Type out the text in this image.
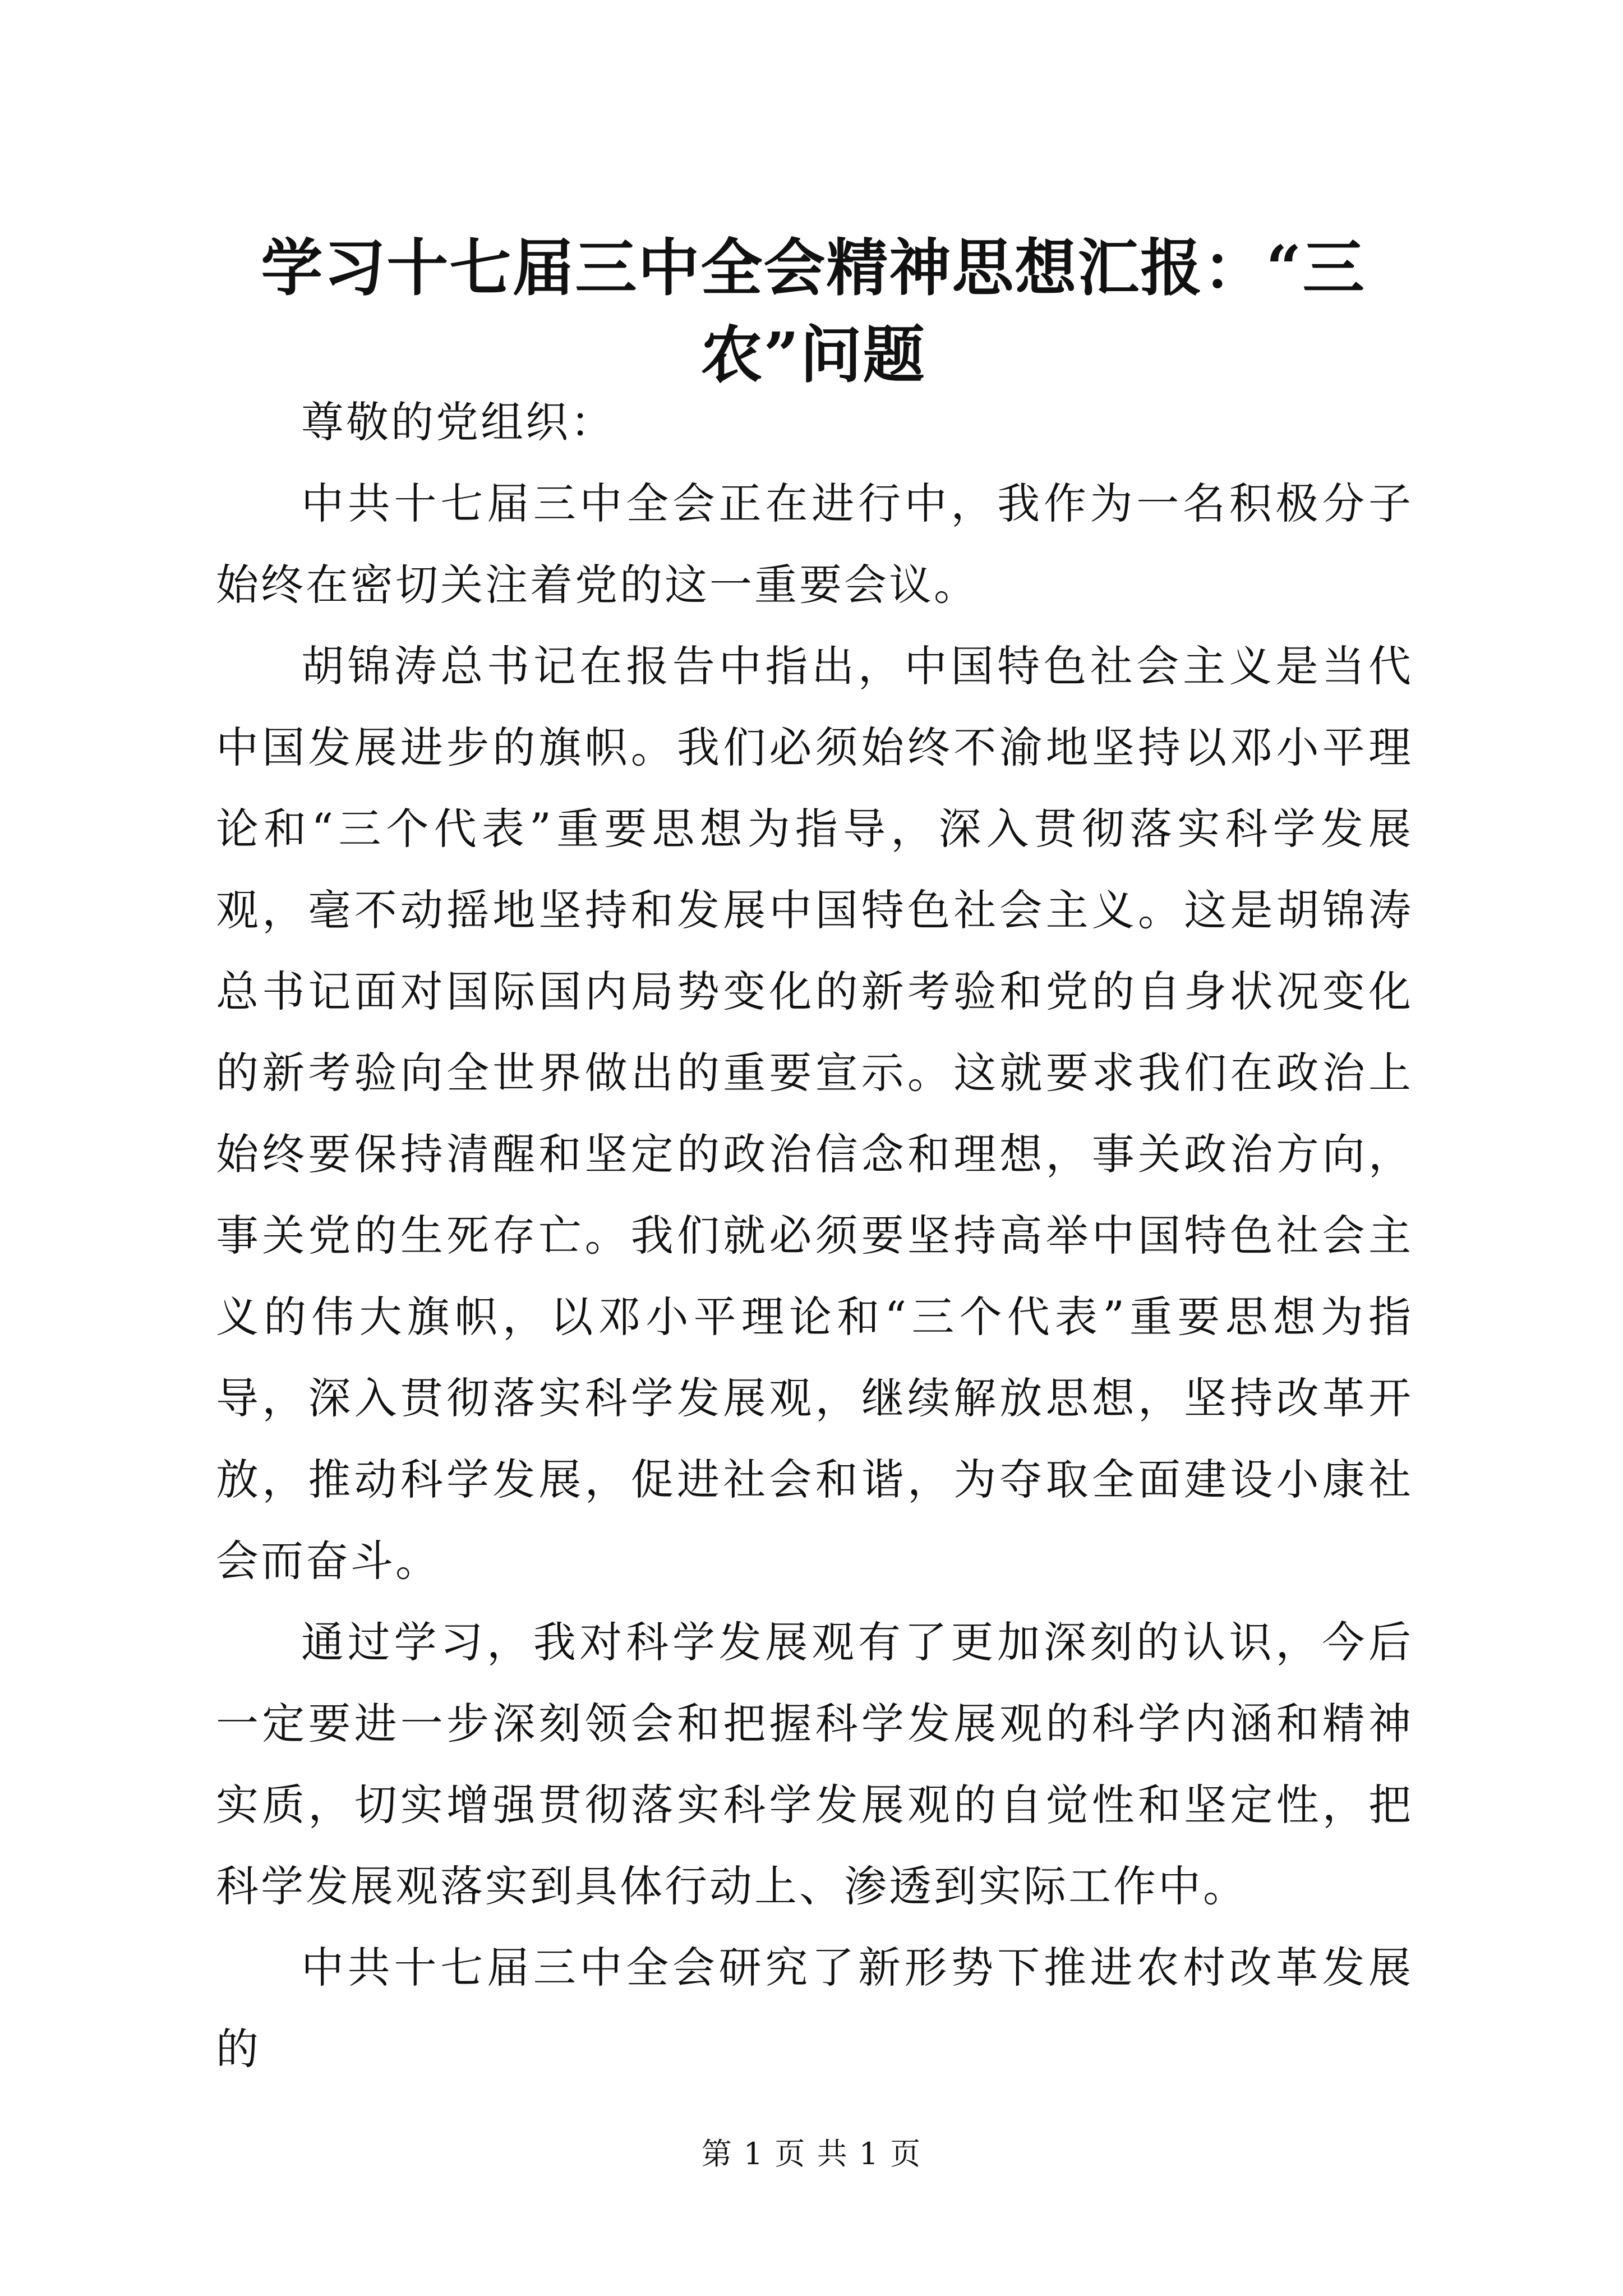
学习十七届三中全会精神思想汇报：“三农”问题

尊敬的党组织：

中共十七届三中全会正在进行中，我作为一名积极分子始终在密切关注着党的这一重要会议。

胡锦涛总书记在报告中指出，中国特色社会主义是当代中国发展进步的旗帜。我们必须始终不渝地坚持以邓小平理论和“三个代表”重要思想为指导，深入贯彻落实科学发展观，毫不动摇地坚持和发展中国特色社会主义。这是胡锦涛总书记面对国际国内局势变化的新考验和党的自身状况变化的新考验向全世界做出的重要宣示。这就要求我们在政治上始终要保持清醒和坚定的政治信念和理想，事关政治方向，事关党的生死存亡。我们就必须要坚持高举中国特色社会主义的伟大旗帜，以邓小平理论和“三个代表”重要思想为指导，深入贯彻落实科学发展观，继续解放思想，坚持改革开放，推动科学发展，促进社会和谐，为夺取全面建设小康社会而奋斗。

通过学习，我对科学发展观有了更加深刻的认识，今后一定要进一步深刻领会和把握科学发展观的科学内涵和精神实质，切实增强贯彻落实科学发展观的自觉性和坚定性，把科学发展观落实到具体行动上、渗透到实际工作中。

中共十七届三中全会研究了新形势下推进农村改革发展的

第 1 页 共 1 页
